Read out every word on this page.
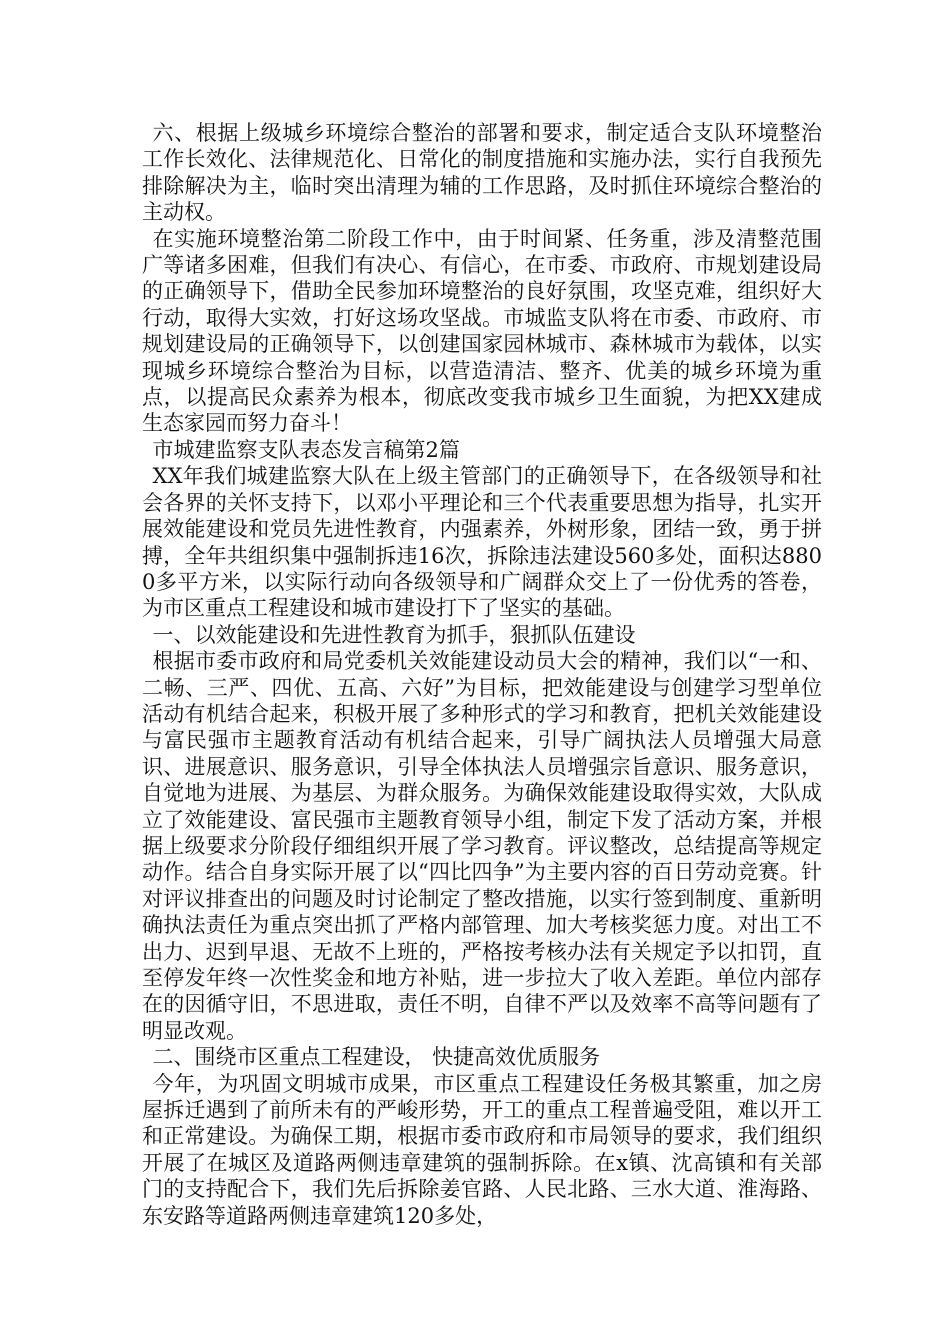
六、根据上级城乡环境综合整治的部署和要求，制定适合支队环境整治工作长效化、法律规范化、日常化的制度措施和实施办法，实行自我预先排除解决为主，临时突出清理为辅的工作思路，及时抓住环境综合整治的主动权。

在实施环境整治第二阶段工作中，由于时间紧、任务重，涉及清整范围广等诸多困难，但我们有决心、有信心，在市委、市政府、市规划建设局的正确领导下，借助全民参加环境整治的良好氛围，攻坚克难，组织好大行动，取得大实效，打好这场攻坚战。市城监支队将在市委、市政府、市规划建设局的正确领导下，以创建国家园林城市、森林城市为载体，以实现城乡环境综合整治为目标，以营造清洁、整齐、优美的城乡环境为重点，以提高民众素养为根本，彻底改变我市城乡卫生面貌，为把XX建成生态家园而努力奋斗！

市城建监察支队表态发言稿第2篇

XX年我们城建监察大队在上级主管部门的正确领导下，在各级领导和社会各界的关怀支持下，以邓小平理论和三个代表重要思想为指导，扎实开展效能建设和党员先进性教育，内强素养，外树形象，团结一致，勇于拼搏，全年共组织集中强制拆违16次，拆除违法建设560多处，面积达8800多平方米，以实际行动向各级领导和广阔群众交上了一份优秀的答卷，为市区重点工程建设和城市建设打下了坚实的基础。

一、以效能建设和先进性教育为抓手，狠抓队伍建设

根据市委市政府和局党委机关效能建设动员大会的精神，我们以“一和、二畅、三严、四优、五高、六好”为目标，把效能建设与创建学习型单位活动有机结合起来，积极开展了多种形式的学习和教育，把机关效能建设与富民强市主题教育活动有机结合起来，引导广阔执法人员增强大局意识、进展意识、服务意识，引导全体执法人员增强宗旨意识、服务意识，自觉地为进展、为基层、为群众服务。为确保效能建设取得实效，大队成立了效能建设、富民强市主题教育领导小组，制定下发了活动方案，并根据上级要求分阶段仔细组织开展了学习教育。评议整改，总结提高等规定动作。结合自身实际开展了以“四比四争”为主要内容的百日劳动竞赛。针对评议排查出的问题及时讨论制定了整改措施，以实行签到制度、重新明确执法责任为重点突出抓了严格内部管理、加大考核奖惩力度。对出工不出力、迟到早退、无故不上班的，严格按考核办法有关规定予以扣罚，直至停发年终一次性奖金和地方补贴，进一步拉大了收入差距。单位内部存在的因循守旧，不思进取，责任不明，自律不严以及效率不高等问题有了明显改观。

二、围绕市区重点工程建设， 快捷高效优质服务

今年，为巩固文明城市成果，市区重点工程建设任务极其繁重，加之房屋拆迁遇到了前所未有的严峻形势，开工的重点工程普遍受阻，难以开工和正常建设。为确保工期，根据市委市政府和市局领导的要求，我们组织开展了在城区及道路两侧违章建筑的强制拆除。在x镇、沈高镇和有关部门的支持配合下，我们先后拆除姜官路、人民北路、三水大道、淮海路、东安路等道路两侧违章建筑120多处，
